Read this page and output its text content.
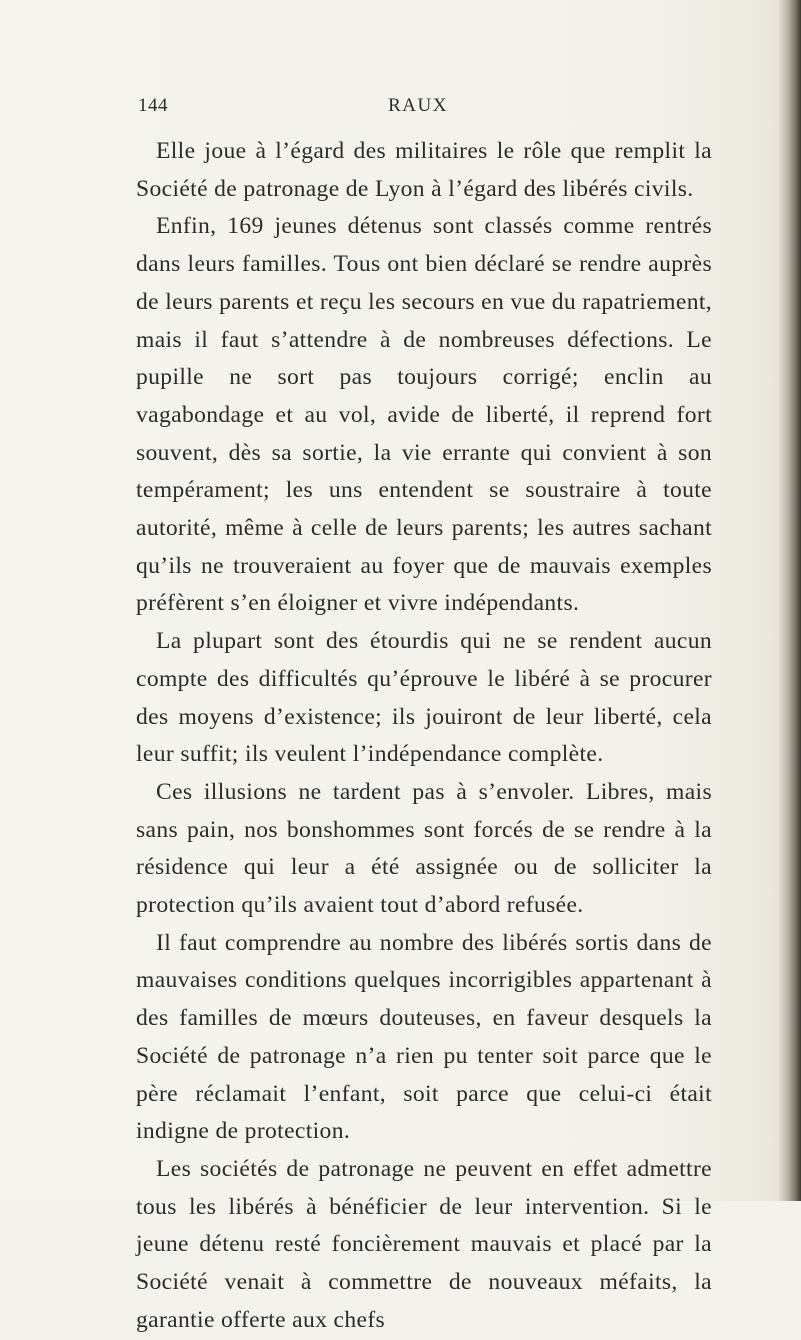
144	RAUX

Elle joue à l’égard des militaires le rôle que remplit la Société de patronage de Lyon à l’égard des libérés civils.

Enfin, 169 jeunes détenus sont classés comme rentrés dans leurs familles. Tous ont bien déclaré se rendre auprès de leurs parents et reçu les secours en vue du rapatriement, mais il faut s’attendre à de nombreuses défections. Le pupille ne sort pas toujours corrigé; enclin au vagabondage et au vol, avide de liberté, il reprend fort souvent, dès sa sortie, la vie errante qui convient à son tempérament; les uns entendent se soustraire à toute autorité, même à celle de leurs parents; les autres sachant qu’ils ne trouveraient au foyer que de mauvais exemples préfèrent s’en éloigner et vivre indépendants.

La plupart sont des étourdis qui ne se rendent aucun compte des difficultés qu’éprouve le libéré à se procurer des moyens d’existence; ils jouiront de leur liberté, cela leur suffit; ils veulent l’indépendance complète.

Ces illusions ne tardent pas à s’envoler. Libres, mais sans pain, nos bonshommes sont forcés de se rendre à la résidence qui leur a été assignée ou de solliciter la protection qu’ils avaient tout d’abord refusée.

Il faut comprendre au nombre des libérés sortis dans de mauvaises conditions quelques incorrigibles appartenant à des familles de mœurs douteuses, en faveur desquels la Société de patronage n’a rien pu tenter soit parce que le père réclamait l’enfant, soit parce que celui-ci était indigne de protection.

Les sociétés de patronage ne peuvent en effet admettre tous les libérés à bénéficier de leur intervention. Si le jeune détenu resté foncièrement mauvais et placé par la Société venait à commettre de nouveaux méfaits, la garantie offerte aux chefs
